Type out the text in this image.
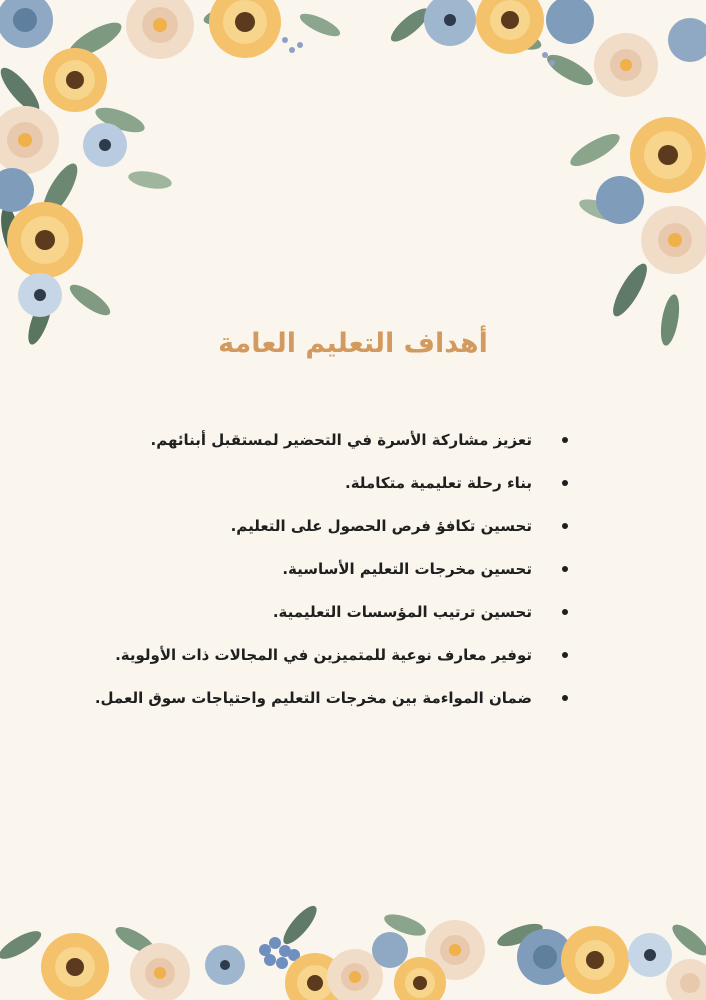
أهداف التعليم العامة
تعزيز مشاركة الأسرة في التحضير لمستقبل أبنائهم.
بناء رحلة تعليمية متكاملة.
تحسين تكافؤ فرص الحصول على التعليم.
تحسين مخرجات التعليم الأساسية.
تحسين ترتيب المؤسسات التعليمية.
توفير معارف نوعية للمتميزين في المجالات ذات الأولوية.
ضمان المواءمة بين مخرجات التعليم واحتياجات سوق العمل.
